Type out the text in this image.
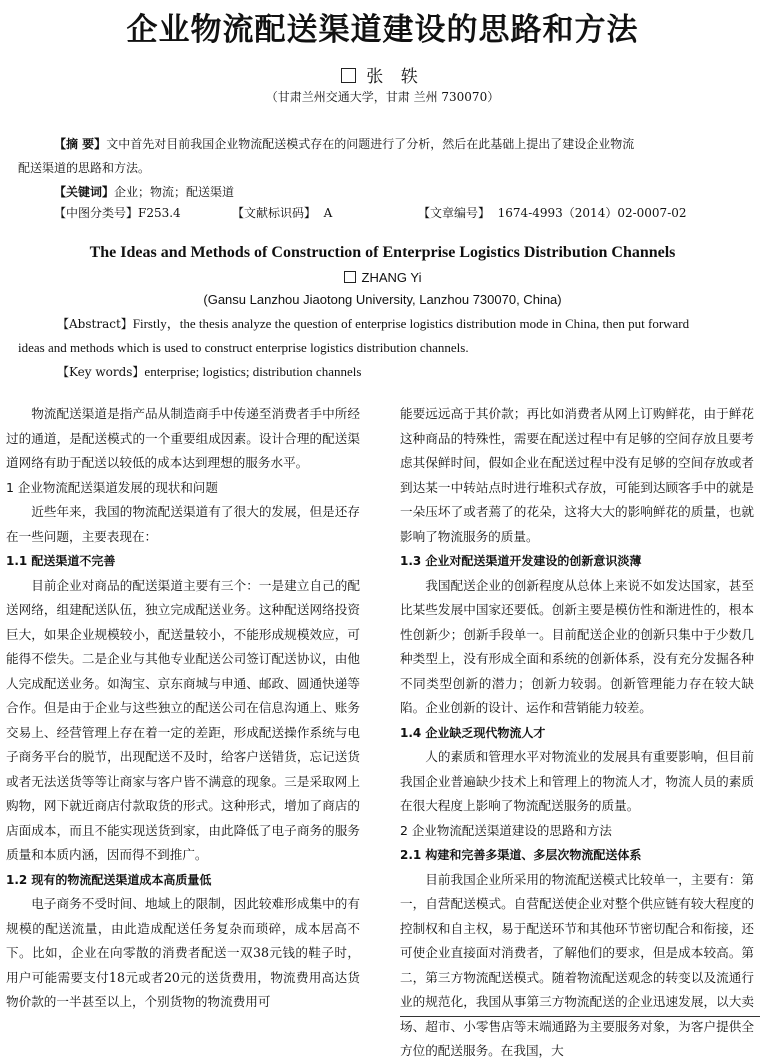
企业物流配送渠道建设的思路和方法
张 轶
（甘肃兰州交通大学，甘肃 兰州 730070）
【摘 要】文中首先对目前我国企业物流配送模式存在的问题进行了分析，然后在此基础上提出了建设企业物流
配送渠道的思路和方法。
【关键词】企业；物流；配送渠道
【中图分类号】F253.4	【文献标识码】 A	【文章编号】 1674-4993（2014）02-0007-02
The Ideas and Methods of Construction of Enterprise Logistics Distribution Channels
ZHANG Yi
(Gansu Lanzhou Jiaotong University, Lanzhou 730070, China)
【Abstract】Firstly，the thesis analyze the question of enterprise logistics distribution mode in China, then put forward
ideas and methods which is used to construct enterprise logistics distribution channels.
【Key words】enterprise; logistics; distribution channels

物流配送渠道是指产品从制造商手中传递至消费者手中所经过的通道，是配送模式的一个重要组成因素。设计合理的配送渠道网络有助于配送以较低的成本达到理想的服务水平。

1 企业物流配送渠道发展的现状和问题

近些年来，我国的物流配送渠道有了很大的发展，但是还存在一些问题，主要表现在：

1.1 配送渠道不完善

目前企业对商品的配送渠道主要有三个：一是建立自己的配送网络，组建配送队伍，独立完成配送业务。这种配送网络投资巨大，如果企业规模较小，配送量较小，不能形成规模效应，可能得不偿失。二是企业与其他专业配送公司签订配送协议，由他人完成配送业务。如淘宝、京东商城与申通、邮政、圆通快递等合作。但是由于企业与这些独立的配送公司在信息沟通上、账务交易上、经营管理上存在着一定的差距，形成配送操作系统与电子商务平台的脱节，出现配送不及时，给客户送错货，忘记送货或者无法送货等等让商家与客户皆不满意的现象。三是采取网上购物，网下就近商店付款取货的形式。这种形式，增加了商店的店面成本，而且不能实现送货到家，由此降低了电子商务的服务质量和本质内涵，因而得不到推广。

1.2 现有的物流配送渠道成本高质量低

电子商务不受时间、地域上的限制，因此较难形成集中的有规模的配送流量，由此造成配送任务复杂而琐碎，成本居高不下。比如，企业在向零散的消费者配送一双38元钱的鞋子时，用户可能需要支付18元或者20元的送货费用，物流费用高达货物价款的一半甚至以上，个别货物的物流费用可

能要远远高于其价款；再比如消费者从网上订购鲜花，由于鲜花这种商品的特殊性，需要在配送过程中有足够的空间存放且要考虑其保鲜时间，假如企业在配送过程中没有足够的空间存放或者到达某一中转站点时进行堆积式存放，可能到达顾客手中的就是一朵压坏了或者蔫了的花朵，这将大大的影响鲜花的质量，也就影响了物流服务的质量。

1.3 企业对配送渠道开发建设的创新意识淡薄

我国配送企业的创新程度从总体上来说不如发达国家，甚至比某些发展中国家还要低。创新主要是模仿性和渐进性的，根本性创新少；创新手段单一。目前配送企业的创新只集中于少数几种类型上，没有形成全面和系统的创新体系，没有充分发掘各种不同类型创新的潜力；创新力较弱。创新管理能力存在较大缺陷。企业创新的设计、运作和营销能力较差。

1.4 企业缺乏现代物流人才

人的素质和管理水平对物流业的发展具有重要影响，但目前我国企业普遍缺少技术上和管理上的物流人才，物流人员的素质在很大程度上影响了物流配送服务的质量。

2 企业物流配送渠道建设的思路和方法

2.1 构建和完善多渠道、多层次物流配送体系

目前我国企业所采用的物流配送模式比较单一，主要有：第一，自营配送模式。自营配送使企业对整个供应链有较大程度的控制权和自主权，易于配送环节和其他环节密切配合和衔接，还可使企业直接面对消费者，了解他们的要求，但是成本较高。第二，第三方物流配送模式。随着物流配送观念的转变以及流通行业的规范化，我国从事第三方物流配送的企业迅速发展，以大卖场、超市、小零售店等末端通路为主要服务对象，为客户提供全方位的配送服务。在我国，大
